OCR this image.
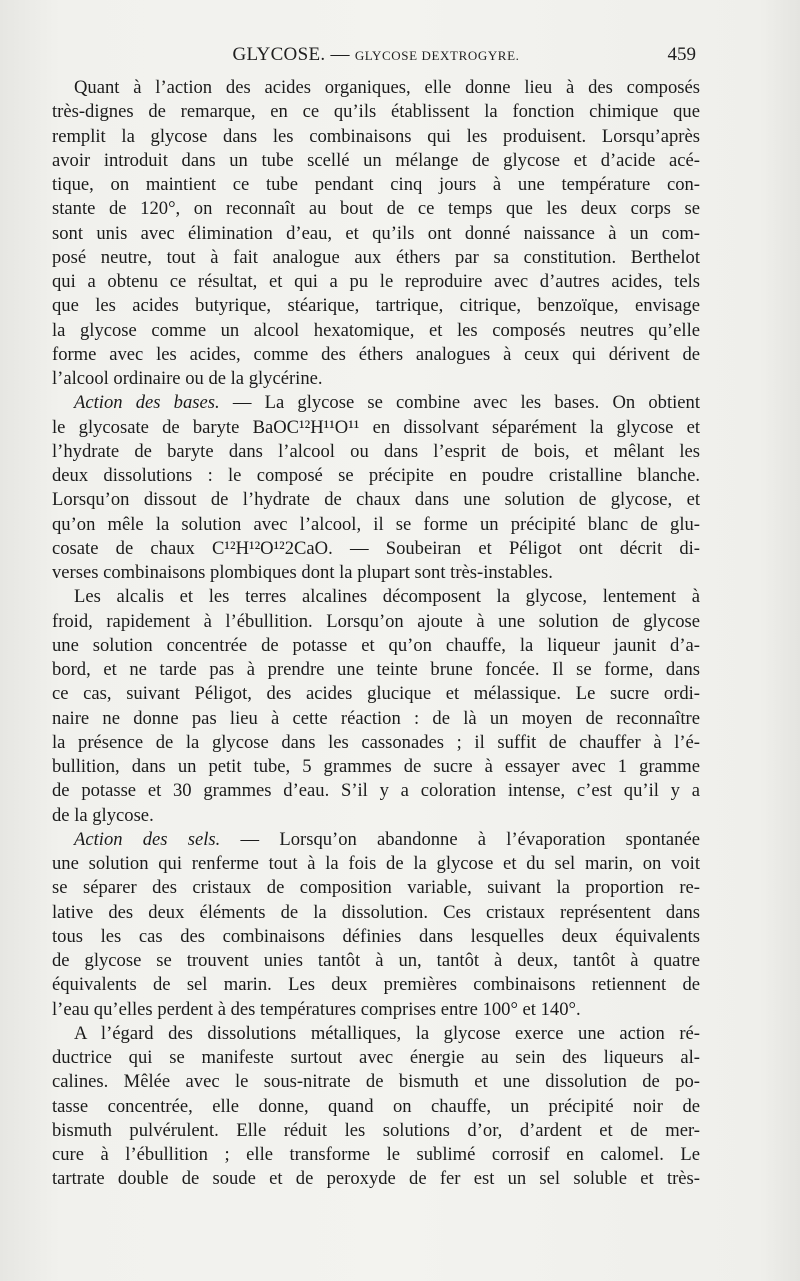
GLYCOSE. — GLYCOSE DEXTROGYRE.	459
Quant à l’action des acides organiques, elle donne lieu à des composés
très-dignes de remarque, en ce qu’ils établissent la fonction chimique que
remplit la glycose dans les combinaisons qui les produisent. Lorsqu’après
avoir introduit dans un tube scellé un mélange de glycose et d’acide acé-
tique, on maintient ce tube pendant cinq jours à une température con-
stante de 120°, on reconnaît au bout de ce temps que les deux corps se
sont unis avec élimination d’eau, et qu’ils ont donné naissance à un com-
posé neutre, tout à fait analogue aux éthers par sa constitution. Berthelot
qui a obtenu ce résultat, et qui a pu le reproduire avec d’autres acides, tels
que les acides butyrique, stéarique, tartrique, citrique, benzoïque, envisage
la glycose comme un alcool hexatomique, et les composés neutres qu’elle
forme avec les acides, comme des éthers analogues à ceux qui dérivent de
l’alcool ordinaire ou de la glycérine.
Action des bases. — La glycose se combine avec les bases. On obtient
le glycosate de baryte BaOC¹²H¹¹O¹¹ en dissolvant séparément la glycose et
l’hydrate de baryte dans l’alcool ou dans l’esprit de bois, et mêlant les
deux dissolutions : le composé se précipite en poudre cristalline blanche.
Lorsqu’on dissout de l’hydrate de chaux dans une solution de glycose, et
qu’on mêle la solution avec l’alcool, il se forme un précipité blanc de glu-
cosate de chaux C¹²H¹²O¹²2CaO. — Soubeiran et Péligot ont décrit di-
verses combinaisons plombiques dont la plupart sont très-instables.
Les alcalis et les terres alcalines décomposent la glycose, lentement à
froid, rapidement à l’ébullition. Lorsqu’on ajoute à une solution de glycose
une solution concentrée de potasse et qu’on chauffe, la liqueur jaunit d’a-
bord, et ne tarde pas à prendre une teinte brune foncée. Il se forme, dans
ce cas, suivant Péligot, des acides glucique et mélassique. Le sucre ordi-
naire ne donne pas lieu à cette réaction : de là un moyen de reconnaître
la présence de la glycose dans les cassonades ; il suffit de chauffer à l’é-
bullition, dans un petit tube, 5 grammes de sucre à essayer avec 1 gramme
de potasse et 30 grammes d’eau. S’il y a coloration intense, c’est qu’il y a
de la glycose.
Action des sels. — Lorsqu’on abandonne à l’évaporation spontanée
une solution qui renferme tout à la fois de la glycose et du sel marin, on voit
se séparer des cristaux de composition variable, suivant la proportion re-
lative des deux éléments de la dissolution. Ces cristaux représentent dans
tous les cas des combinaisons définies dans lesquelles deux équivalents
de glycose se trouvent unies tantôt à un, tantôt à deux, tantôt à quatre
équivalents de sel marin. Les deux premières combinaisons retiennent de
l’eau qu’elles perdent à des températures comprises entre 100° et 140°.
A l’égard des dissolutions métalliques, la glycose exerce une action ré-
ductrice qui se manifeste surtout avec énergie au sein des liqueurs al-
calines. Mêlée avec le sous-nitrate de bismuth et une dissolution de po-
tasse concentrée, elle donne, quand on chauffe, un précipité noir de
bismuth pulvérulent. Elle réduit les solutions d’or, d’ardent et de mer-
cure à l’ébullition ; elle transforme le sublimé corrosif en calomel. Le
tartrate double de soude et de peroxyde de fer est un sel soluble et très-
